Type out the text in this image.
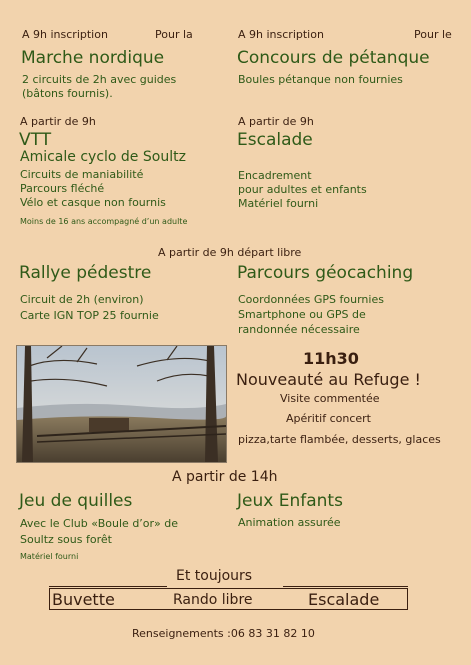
A 9h inscription	Pour la
Marche nordique
2 circuits de 2h avec guides
(bâtons fournis).
A 9h inscription	Pour le
Concours de pétanque
Boules pétanque non fournies
A partir de 9h
VTT
Amicale cyclo de Soultz
Circuits de maniabilité
Parcours fléché
Vélo et casque non fournis
Moins de 16 ans accompagné d’un adulte
A partir de 9h
Escalade
Encadrement
pour adultes et enfants
Matériel fourni
A partir de 9h départ libre
Rallye pédestre
Circuit de 2h (environ)
Carte IGN TOP 25 fournie
Parcours géocaching
Coordonnées GPS fournies
Smartphone ou GPS de
randonnée nécessaire
11h30
Nouveauté au Refuge !
Visite commentée
Apéritif concert
pizza,tarte flambée, desserts, glaces
A partir de 14h
Jeu de quilles
Avec le Club «Boule d’or» de
Soultz sous forêt
Matériel fourni
Jeux Enfants
Animation assurée
Et toujours
Buvette	Rando libre	Escalade
Renseignements :06 83 31 82 10
